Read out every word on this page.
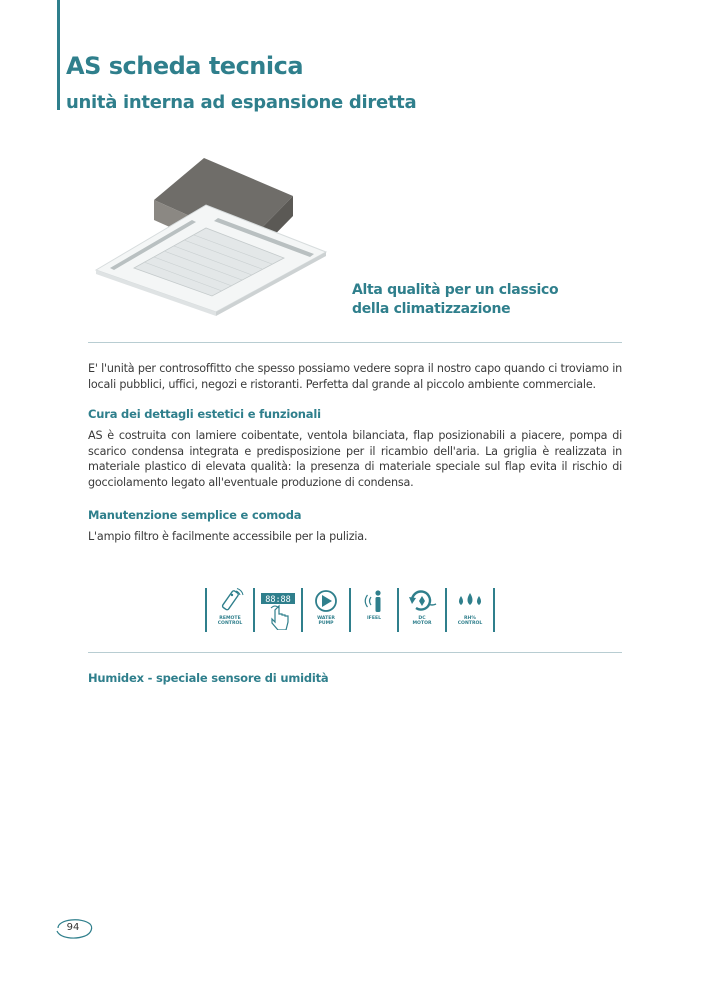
AS scheda tecnica
unità interna ad espansione diretta
Alta qualità per un classico
della climatizzazione

E' l'unità per controsoffitto che spesso possiamo vedere sopra il nostro capo quando ci troviamo in locali pubblici, uffici, negozi e ristoranti. Perfetta dal grande al piccolo ambiente commerciale.

Cura dei dettagli estetici e funzionali

AS è costruita con lamiere coibentate, ventola bilanciata, flap posizionabili a piacere, pompa di scarico condensa integrata e predisposizione per il ricambio dell'aria. La griglia è realizzata in materiale plastico di elevata qualità: la presenza di materiale speciale sul flap evita il rischio di gocciolamento legato all'eventuale produzione di condensa.

Manutenzione semplice e comoda

L'ampio filtro è facilmente accessibile per la pulizia.

REMOTE
CONTROL
88:88
WATER
PUMP
IFEEL	DC
MOTOR
RH%
CONTROL
Humidex - speciale sensore di umidità
94
